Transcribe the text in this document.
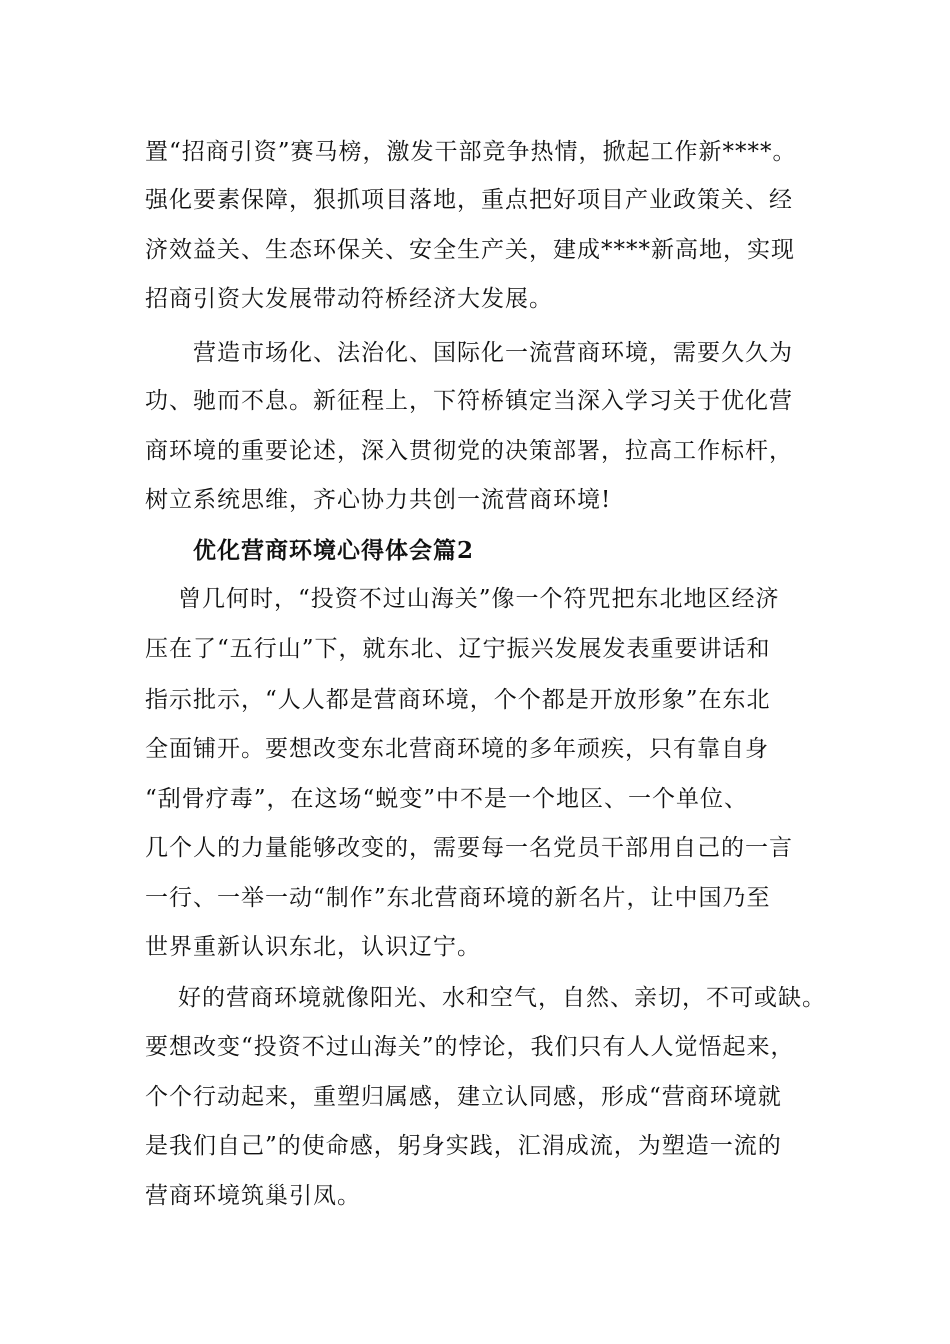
置“招商引资”赛马榜，激发干部竞争热情，掀起工作新****。
强化要素保障，狠抓项目落地，重点把好项目产业政策关、经
济效益关、生态环保关、安全生产关，建成****新高地，实现
招商引资大发展带动符桥经济大发展。
营造市场化、法治化、国际化一流营商环境，需要久久为
功、驰而不息。新征程上，下符桥镇定当深入学习关于优化营
商环境的重要论述，深入贯彻党的决策部署，拉高工作标杆，
树立系统思维，齐心协力共创一流营商环境!
优化营商环境心得体会篇2
曾几何时，“投资不过山海关”像一个符咒把东北地区经济
压在了“五行山”下，就东北、辽宁振兴发展发表重要讲话和
指示批示，“人人都是营商环境，个个都是开放形象”在东北
全面铺开。要想改变东北营商环境的多年顽疾，只有靠自身
“刮骨疗毒”，在这场“蜕变”中不是一个地区、一个单位、
几个人的力量能够改变的，需要每一名党员干部用自己的一言
一行、一举一动“制作”东北营商环境的新名片，让中国乃至
世界重新认识东北，认识辽宁。
好的营商环境就像阳光、水和空气，自然、亲切，不可或缺。
要想改变“投资不过山海关”的悖论，我们只有人人觉悟起来，
个个行动起来，重塑归属感，建立认同感，形成“营商环境就
是我们自己”的使命感，躬身实践，汇涓成流，为塑造一流的
营商环境筑巢引凤。
